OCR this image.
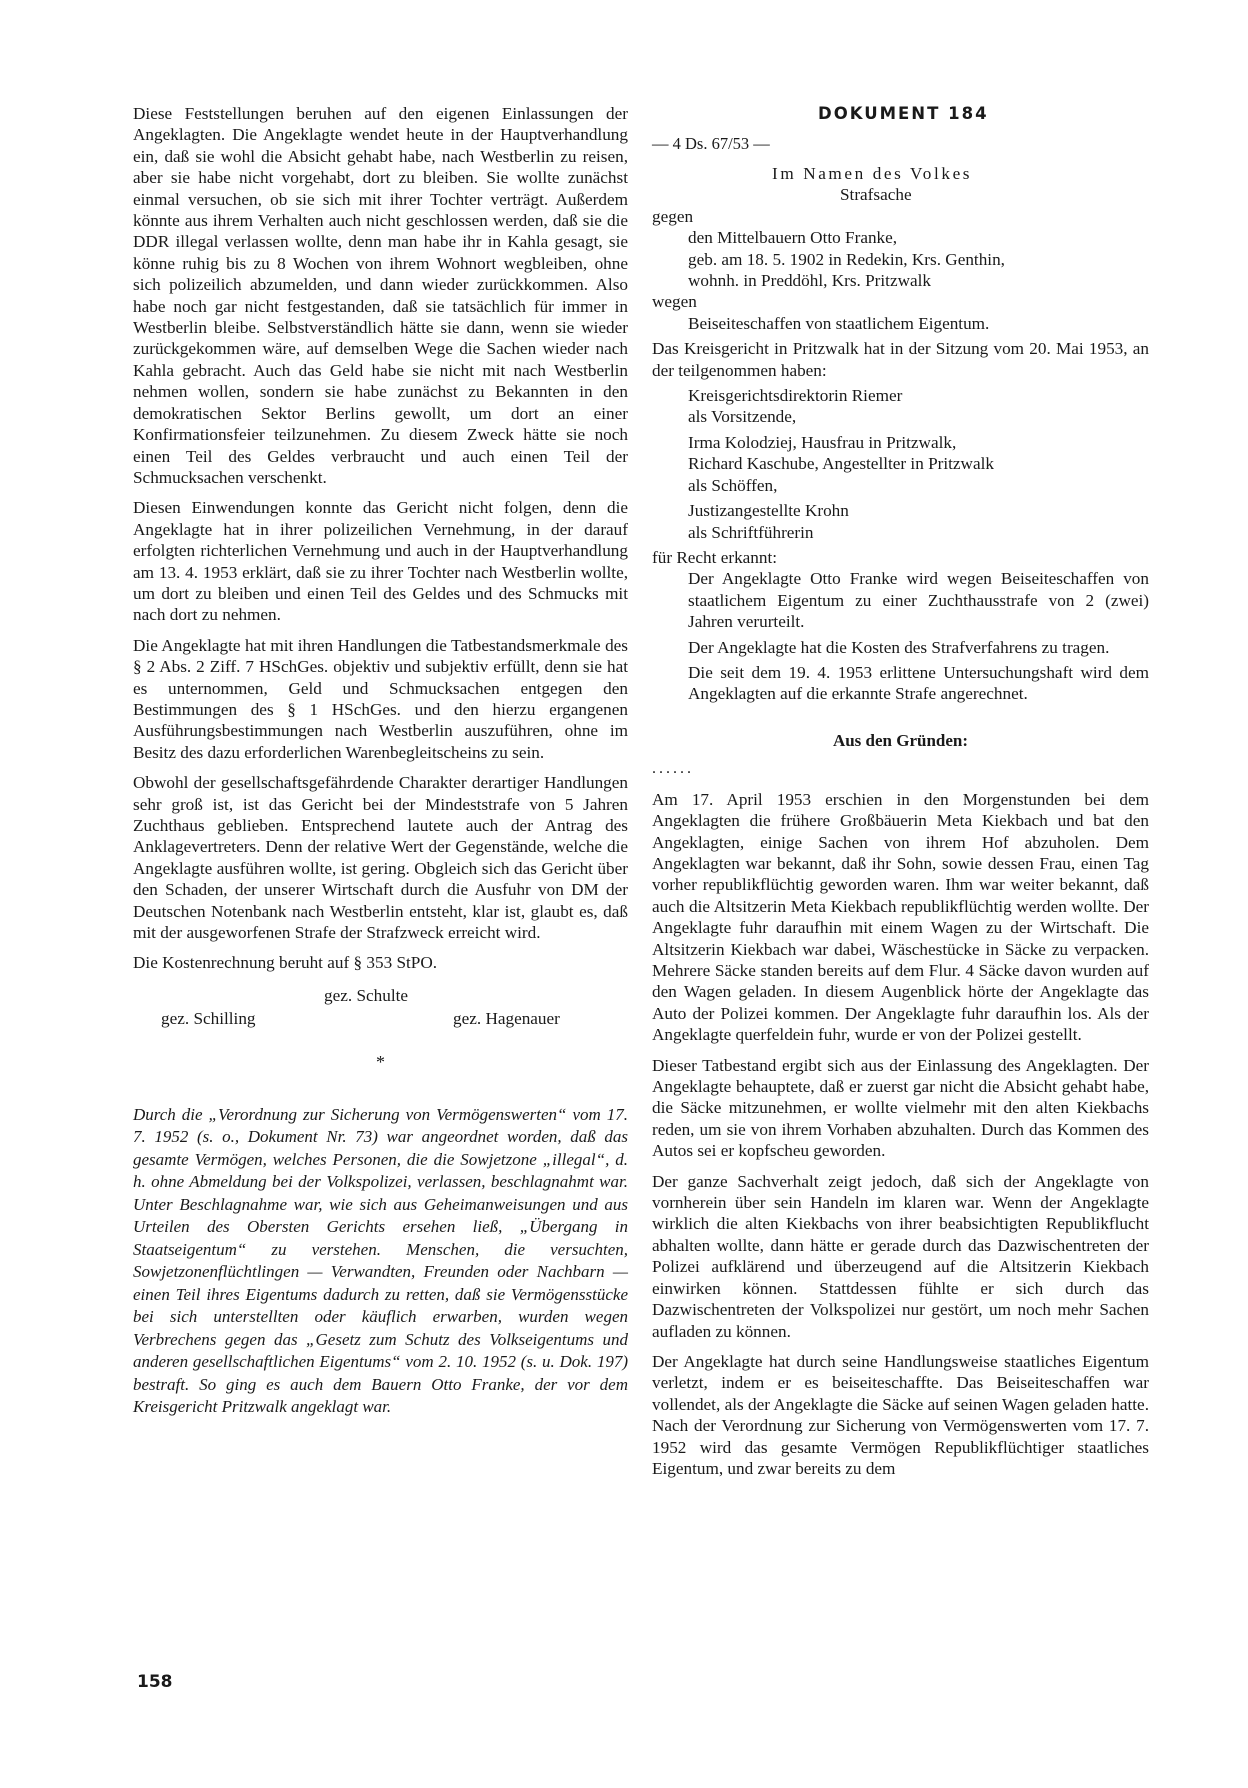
Diese Feststellungen beruhen auf den eigenen Einlassungen der Angeklagten. Die Angeklagte wendet heute in der Hauptverhandlung ein, daß sie wohl die Absicht gehabt habe, nach Westberlin zu reisen, aber sie habe nicht vorgehabt, dort zu bleiben. Sie wollte zunächst einmal versuchen, ob sie sich mit ihrer Tochter verträgt. Außerdem könnte aus ihrem Verhalten auch nicht geschlossen werden, daß sie die DDR illegal verlassen wollte, denn man habe ihr in Kahla gesagt, sie könne ruhig bis zu 8 Wochen von ihrem Wohnort wegbleiben, ohne sich polizeilich abzumelden, und dann wieder zurückkommen. Also habe noch gar nicht festgestanden, daß sie tatsächlich für immer in Westberlin bleibe. Selbstverständlich hätte sie dann, wenn sie wieder zurückgekommen wäre, auf demselben Wege die Sachen wieder nach Kahla gebracht. Auch das Geld habe sie nicht mit nach Westberlin nehmen wollen, sondern sie habe zunächst zu Bekannten in den demokratischen Sektor Berlins gewollt, um dort an einer Konfirmationsfeier teilzunehmen. Zu diesem Zweck hätte sie noch einen Teil des Geldes verbraucht und auch einen Teil der Schmucksachen verschenkt.

Diesen Einwendungen konnte das Gericht nicht folgen, denn die Angeklagte hat in ihrer polizeilichen Vernehmung, in der darauf erfolgten richterlichen Vernehmung und auch in der Hauptverhandlung am 13. 4. 1953 erklärt, daß sie zu ihrer Tochter nach Westberlin wollte, um dort zu bleiben und einen Teil des Geldes und des Schmucks mit nach dort zu nehmen.

Die Angeklagte hat mit ihren Handlungen die Tatbestandsmerkmale des § 2 Abs. 2 Ziff. 7 HSchGes. objektiv und subjektiv erfüllt, denn sie hat es unternommen, Geld und Schmucksachen entgegen den Bestimmungen des § 1 HSchGes. und den hierzu ergangenen Ausführungsbestimmungen nach Westberlin auszuführen, ohne im Besitz des dazu erforderlichen Warenbegleitscheins zu sein.

Obwohl der gesellschaftsgefährdende Charakter derartiger Handlungen sehr groß ist, ist das Gericht bei der Mindeststrafe von 5 Jahren Zuchthaus geblieben. Entsprechend lautete auch der Antrag des Anklagevertreters. Denn der relative Wert der Gegenstände, welche die Angeklagte ausführen wollte, ist gering. Obgleich sich das Gericht über den Schaden, der unserer Wirtschaft durch die Ausfuhr von DM der Deutschen Notenbank nach Westberlin entsteht, klar ist, glaubt es, daß mit der ausgeworfenen Strafe der Strafzweck erreicht wird.

Die Kostenrechnung beruht auf § 353 StPO.

gez. Schulte
gez. Schilling	gez. Hagenauer
*

Durch die „Verordnung zur Sicherung von Vermögenswerten“ vom 17. 7. 1952 (s. o., Dokument Nr. 73) war angeordnet worden, daß das gesamte Vermögen, welches Personen, die die Sowjetzone „illegal“, d. h. ohne Abmeldung bei der Volkspolizei, verlassen, beschlagnahmt war. Unter Beschlagnahme war, wie sich aus Geheimanweisungen und aus Urteilen des Obersten Gerichts ersehen ließ, „Übergang in Staatseigentum“ zu verstehen. Menschen, die versuchten, Sowjetzonenflüchtlingen — Verwandten, Freunden oder Nachbarn — einen Teil ihres Eigentums dadurch zu retten, daß sie Vermögensstücke bei sich unterstellten oder käuflich erwarben, wurden wegen Verbrechens gegen das „Gesetz zum Schutz des Volkseigentums und anderen gesellschaftlichen Eigentums“ vom 2. 10. 1952 (s. u. Dok. 197) bestraft. So ging es auch dem Bauern Otto Franke, der vor dem Kreisgericht Pritzwalk angeklagt war.

DOKUMENT 184
— 4 Ds. 67/53 —
Im Namen des Volkes
Strafsache
gegen
den Mittelbauern Otto Franke,
geb. am 18. 5. 1902 in Redekin, Krs. Genthin,
wohnh. in Preddöhl, Krs. Pritzwalk
wegen
Beiseiteschaffen von staatlichem Eigentum.
Das Kreisgericht in Pritzwalk hat in der Sitzung vom 20. Mai 1953, an der teilgenommen haben:
Kreisgerichtsdirektorin Riemer
als Vorsitzende,
Irma Kolodziej, Hausfrau in Pritzwalk,
Richard Kaschube, Angestellter in Pritzwalk
als Schöffen,
Justizangestellte Krohn
als Schriftführerin
für Recht erkannt:
Der Angeklagte Otto Franke wird wegen Beiseiteschaffen von staatlichem Eigentum zu einer Zuchthausstrafe von 2 (zwei) Jahren verurteilt.
Der Angeklagte hat die Kosten des Strafverfahrens zu tragen.
Die seit dem 19. 4. 1953 erlittene Untersuchungshaft wird dem Angeklagten auf die erkannte Strafe angerechnet.
Aus den Gründen:
......

Am 17. April 1953 erschien in den Morgenstunden bei dem Angeklagten die frühere Großbäuerin Meta Kiekbach und bat den Angeklagten, einige Sachen von ihrem Hof abzuholen. Dem Angeklagten war bekannt, daß ihr Sohn, sowie dessen Frau, einen Tag vorher republikflüchtig geworden waren. Ihm war weiter bekannt, daß auch die Altsitzerin Meta Kiekbach republikflüchtig werden wollte. Der Angeklagte fuhr daraufhin mit einem Wagen zu der Wirtschaft. Die Altsitzerin Kiekbach war dabei, Wäschestücke in Säcke zu verpacken. Mehrere Säcke standen bereits auf dem Flur. 4 Säcke davon wurden auf den Wagen geladen. In diesem Augenblick hörte der Angeklagte das Auto der Polizei kommen. Der Angeklagte fuhr daraufhin los. Als der Angeklagte querfeldein fuhr, wurde er von der Polizei gestellt.

Dieser Tatbestand ergibt sich aus der Einlassung des Angeklagten. Der Angeklagte behauptete, daß er zuerst gar nicht die Absicht gehabt habe, die Säcke mitzunehmen, er wollte vielmehr mit den alten Kiekbachs reden, um sie von ihrem Vorhaben abzuhalten. Durch das Kommen des Autos sei er kopfscheu geworden.

Der ganze Sachverhalt zeigt jedoch, daß sich der Angeklagte von vornherein über sein Handeln im klaren war. Wenn der Angeklagte wirklich die alten Kiekbachs von ihrer beabsichtigten Republikflucht abhalten wollte, dann hätte er gerade durch das Dazwischentreten der Polizei aufklärend und überzeugend auf die Altsitzerin Kiekbach einwirken können. Stattdessen fühlte er sich durch das Dazwischentreten der Volkspolizei nur gestört, um noch mehr Sachen aufladen zu können.

Der Angeklagte hat durch seine Handlungsweise staatliches Eigentum verletzt, indem er es beiseiteschaffte. Das Beiseiteschaffen war vollendet, als der Angeklagte die Säcke auf seinen Wagen geladen hatte. Nach der Verordnung zur Sicherung von Vermögenswerten vom 17. 7. 1952 wird das gesamte Vermögen Republikflüchtiger staatliches Eigentum, und zwar bereits zu dem

158
